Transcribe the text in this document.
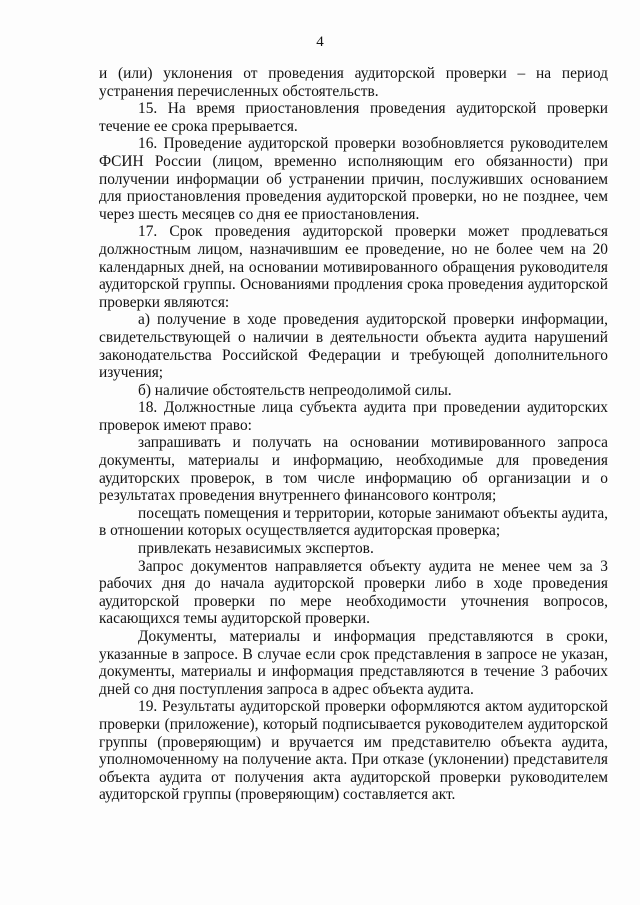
4

и (или) уклонения от проведения аудиторской проверки – на период устранения перечисленных обстоятельств.

15. На время приостановления проведения аудиторской проверки течение ее срока прерывается.

16. Проведение аудиторской проверки возобновляется руководителем ФСИН России (лицом, временно исполняющим его обязанности) при получении информации об устранении причин, послуживших основанием для приостановления проведения аудиторской проверки, но не позднее, чем через шесть месяцев со дня ее приостановления.

17. Срок проведения аудиторской проверки может продлеваться должностным лицом, назначившим ее проведение, но не более чем на 20 календарных дней, на основании мотивированного обращения руководителя аудиторской группы. Основаниями продления срока проведения аудиторской проверки являются:

а) получение в ходе проведения аудиторской проверки информации, свидетельствующей о наличии в деятельности объекта аудита нарушений законодательства Российской Федерации и требующей дополнительного изучения;

б) наличие обстоятельств непреодолимой силы.

18. Должностные лица субъекта аудита при проведении аудиторских проверок имеют право:

запрашивать и получать на основании мотивированного запроса документы, материалы и информацию, необходимые для проведения аудиторских проверок, в том числе информацию об организации и о результатах проведения внутреннего финансового контроля;

посещать помещения и территории, которые занимают объекты аудита, в отношении которых осуществляется аудиторская проверка;

привлекать независимых экспертов.

Запрос документов направляется объекту аудита не менее чем за 3 рабочих дня до начала аудиторской проверки либо в ходе проведения аудиторской проверки по мере необходимости уточнения вопросов, касающихся темы аудиторской проверки.

Документы, материалы и информация представляются в сроки, указанные в запросе. В случае если срок представления в запросе не указан, документы, материалы и информация представляются в течение 3 рабочих дней со дня поступления запроса в адрес объекта аудита.

19. Результаты аудиторской проверки оформляются актом аудиторской проверки (приложение), который подписывается руководителем аудиторской группы (проверяющим) и вручается им представителю объекта аудита, уполномоченному на получение акта. При отказе (уклонении) представителя объекта аудита от получения акта аудиторской проверки руководителем аудиторской группы (проверяющим) составляется акт.
